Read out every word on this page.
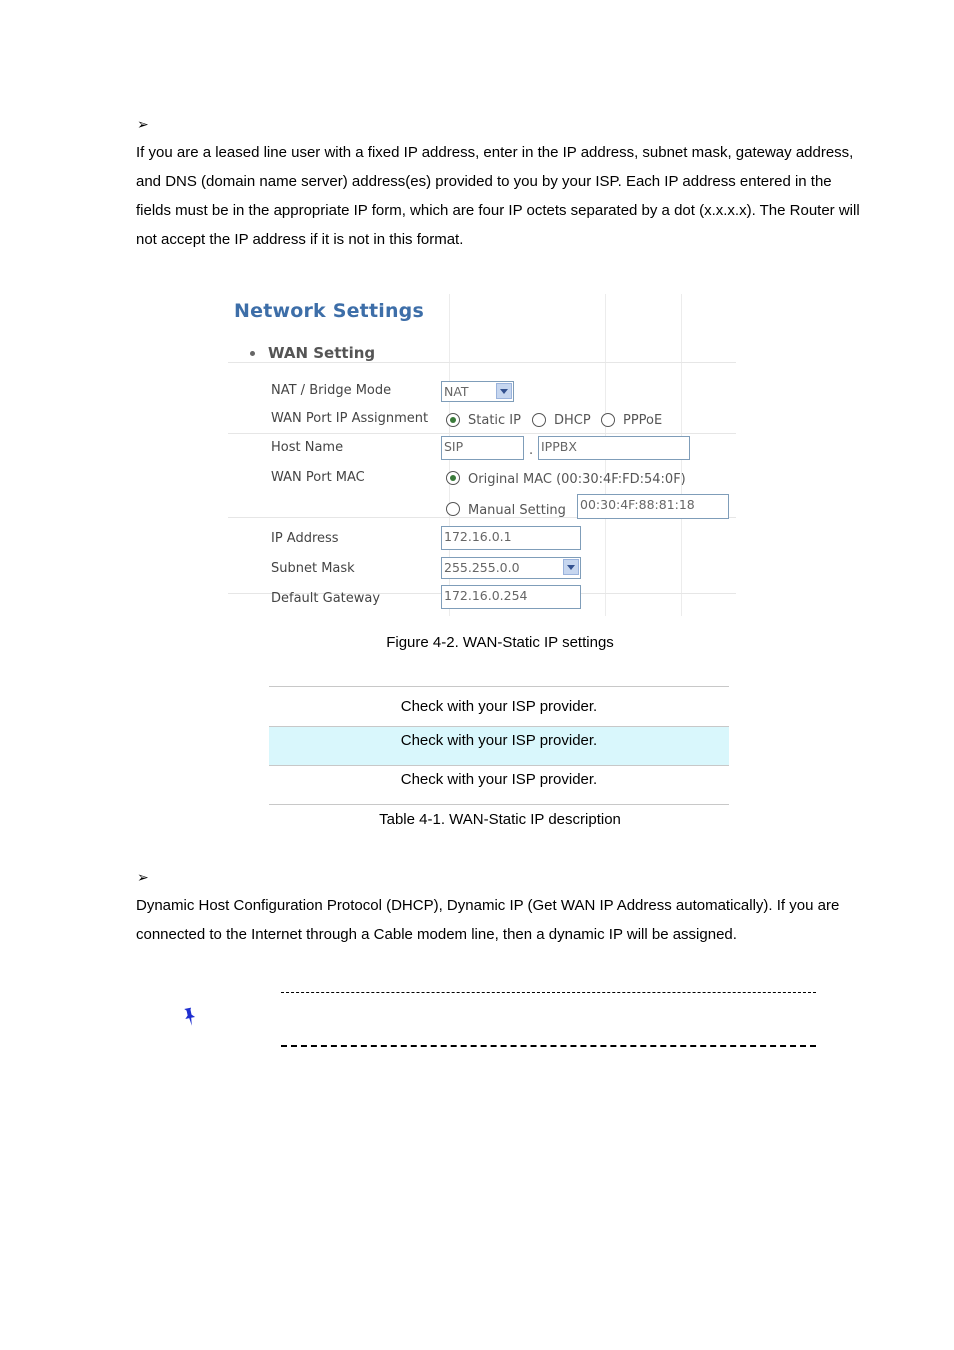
➢
If you are a leased line user with a fixed IP address, enter in the IP address, subnet mask, gateway address, and DNS (domain name server) address(es) provided to you by your ISP. Each IP address entered in the fields must be in the appropriate IP form, which are four IP octets separated by a dot (x.x.x.x). The Router will not accept the IP address if it is not in this format.
Network Settings
WAN Setting
NAT / Bridge Mode	NAT
WAN Port IP Assignment	Static IP	DHCP PPPoE
Host Name	SIP	. IPPBX
WAN Port MAC	Original MAC (00:30:4F:FD:54:0F)
Manual Setting 00:30:4F:88:81:18
IP Address	172.16.0.1
Subnet Mask	255.255.0.0
Default Gateway	172.16.0.254
Figure 4-2. WAN-Static IP settings
Check with your ISP provider.
Check with your ISP provider.
Check with your ISP provider.
Table 4-1. WAN-Static IP description
➢
Dynamic Host Configuration Protocol (DHCP), Dynamic IP (Get WAN IP Address automatically). If you are connected to the Internet through a Cable modem line, then a dynamic IP will be assigned.
